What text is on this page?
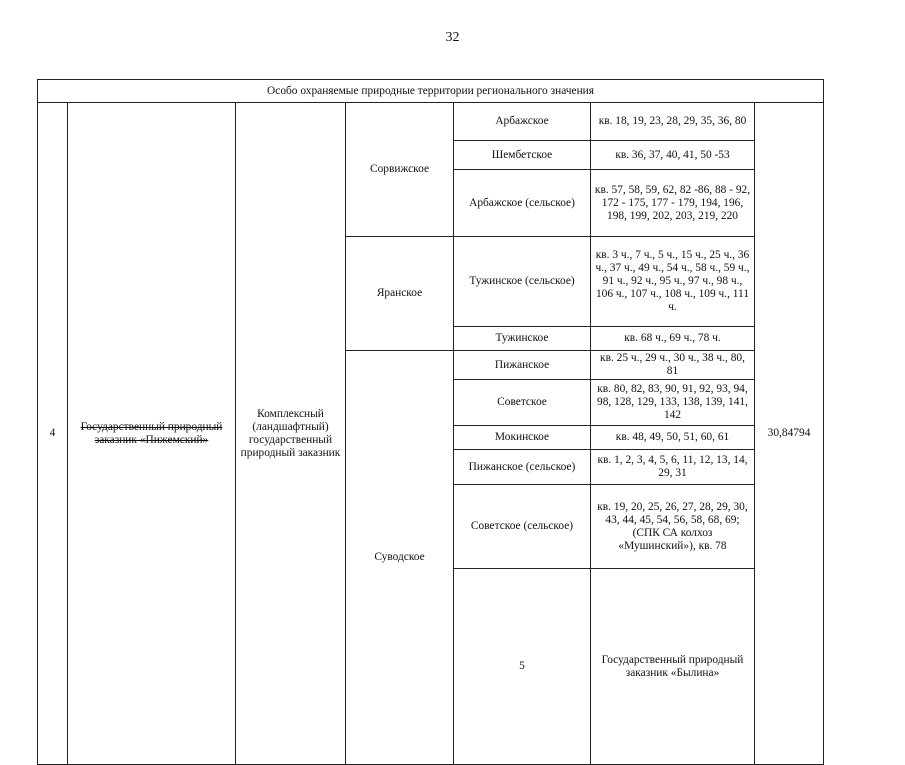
32
Особо охраняемые природные территории регионального значения							
4	Государственный природный заказник «Пижемский»	Комплексный (ландшафтный) государственный природный заказник	Сорвижское	Арбажское	кв. 18, 19, 23, 28, 29, 35, 36, 80	30,84794	
				Шембетское	кв. 36, 37, 40, 41, 50 -53		
				Арбажское (сельское)	кв. 57, 58, 59, 62, 82 -86, 88 - 92, 172 - 175, 177 - 179, 194, 196, 198, 199, 202, 203, 219, 220		
			Яранское	Тужинское (сельское)	кв. 3 ч., 7 ч., 5 ч., 15 ч., 25 ч., 36 ч., 37 ч., 49 ч., 54 ч., 58 ч., 59 ч., 91 ч., 92 ч., 95 ч., 97 ч., 98 ч., 106 ч., 107 ч., 108 ч., 109 ч., 111 ч.		
				Тужинское	кв. 68 ч., 69 ч., 78 ч.		
			Суводское	Пижанское	кв. 25 ч., 29 ч., 30 ч., 38 ч., 80, 81		
				Советское	кв. 80, 82, 83, 90, 91, 92, 93, 94, 98, 128, 129, 133, 138, 139, 141, 142		
				Мокинское	кв. 48, 49, 50, 51, 60, 61		
				Пижанское (сельское)	кв. 1, 2, 3, 4, 5, 6, 11, 12, 13, 14, 29, 31		
				Советское (сельское)	кв. 19, 20, 25, 26, 27, 28, 29, 30, 43, 44, 45, 54, 56, 58, 68, 69; (СПК СА колхоз «Мушинский»), кв. 78		
				5	Государственный природный заказник «Былина»					
